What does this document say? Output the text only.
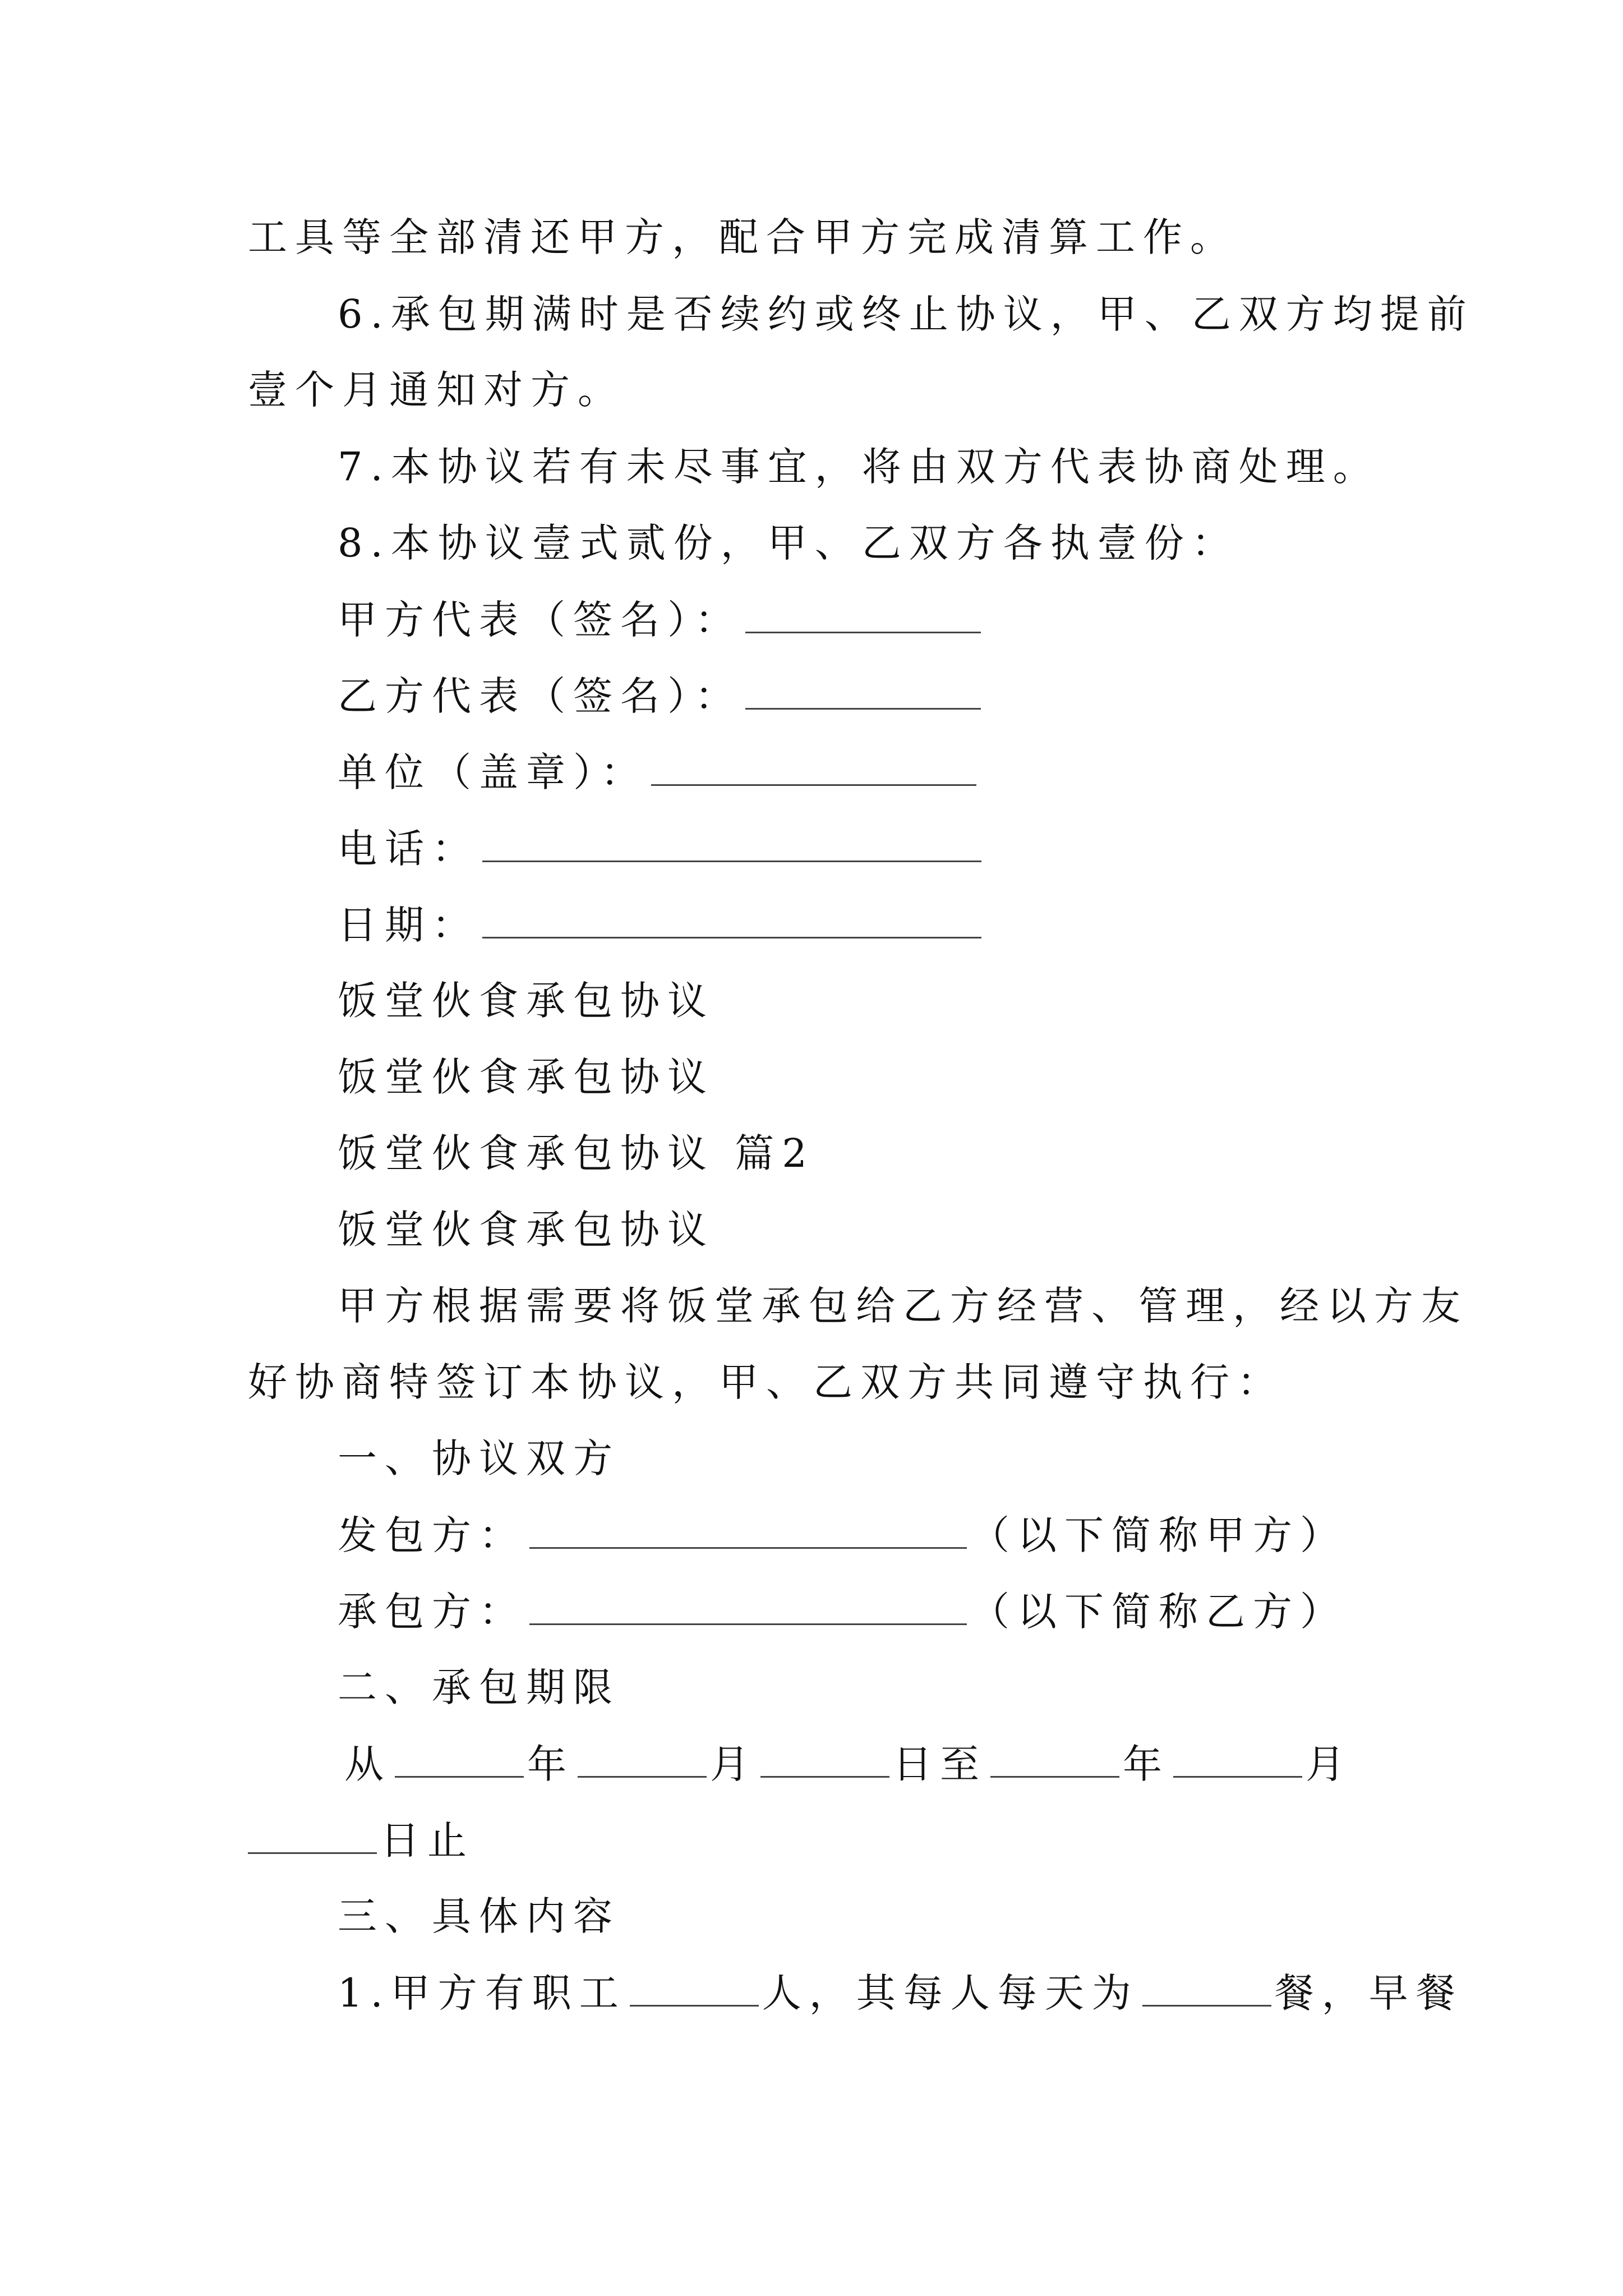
工具等全部清还甲方，配合甲方完成清算工作。
6.承包期满时是否续约或终止协议，甲、乙双方均提前
壹个月通知对方。
7.本协议若有未尽事宜，将由双方代表协商处理。
8.本协议壹式贰份，甲、乙双方各执壹份：
甲方代表（签名）：
乙方代表（签名）：
单位（盖章）：
电话：
日期：
饭堂伙食承包协议
饭堂伙食承包协议
饭堂伙食承包协议 篇2
饭堂伙食承包协议
甲方根据需要将饭堂承包给乙方经营、管理，经以方友
好协商特签订本协议，甲、乙双方共同遵守执行：
一、协议双方
发包方：	（以下简称甲方）
承包方：	（以下简称乙方）
二、承包期限
从	年	月	日至	年	月
日止
三、具体内容
1.甲方有职工	人，其每人每天为	餐，早餐
